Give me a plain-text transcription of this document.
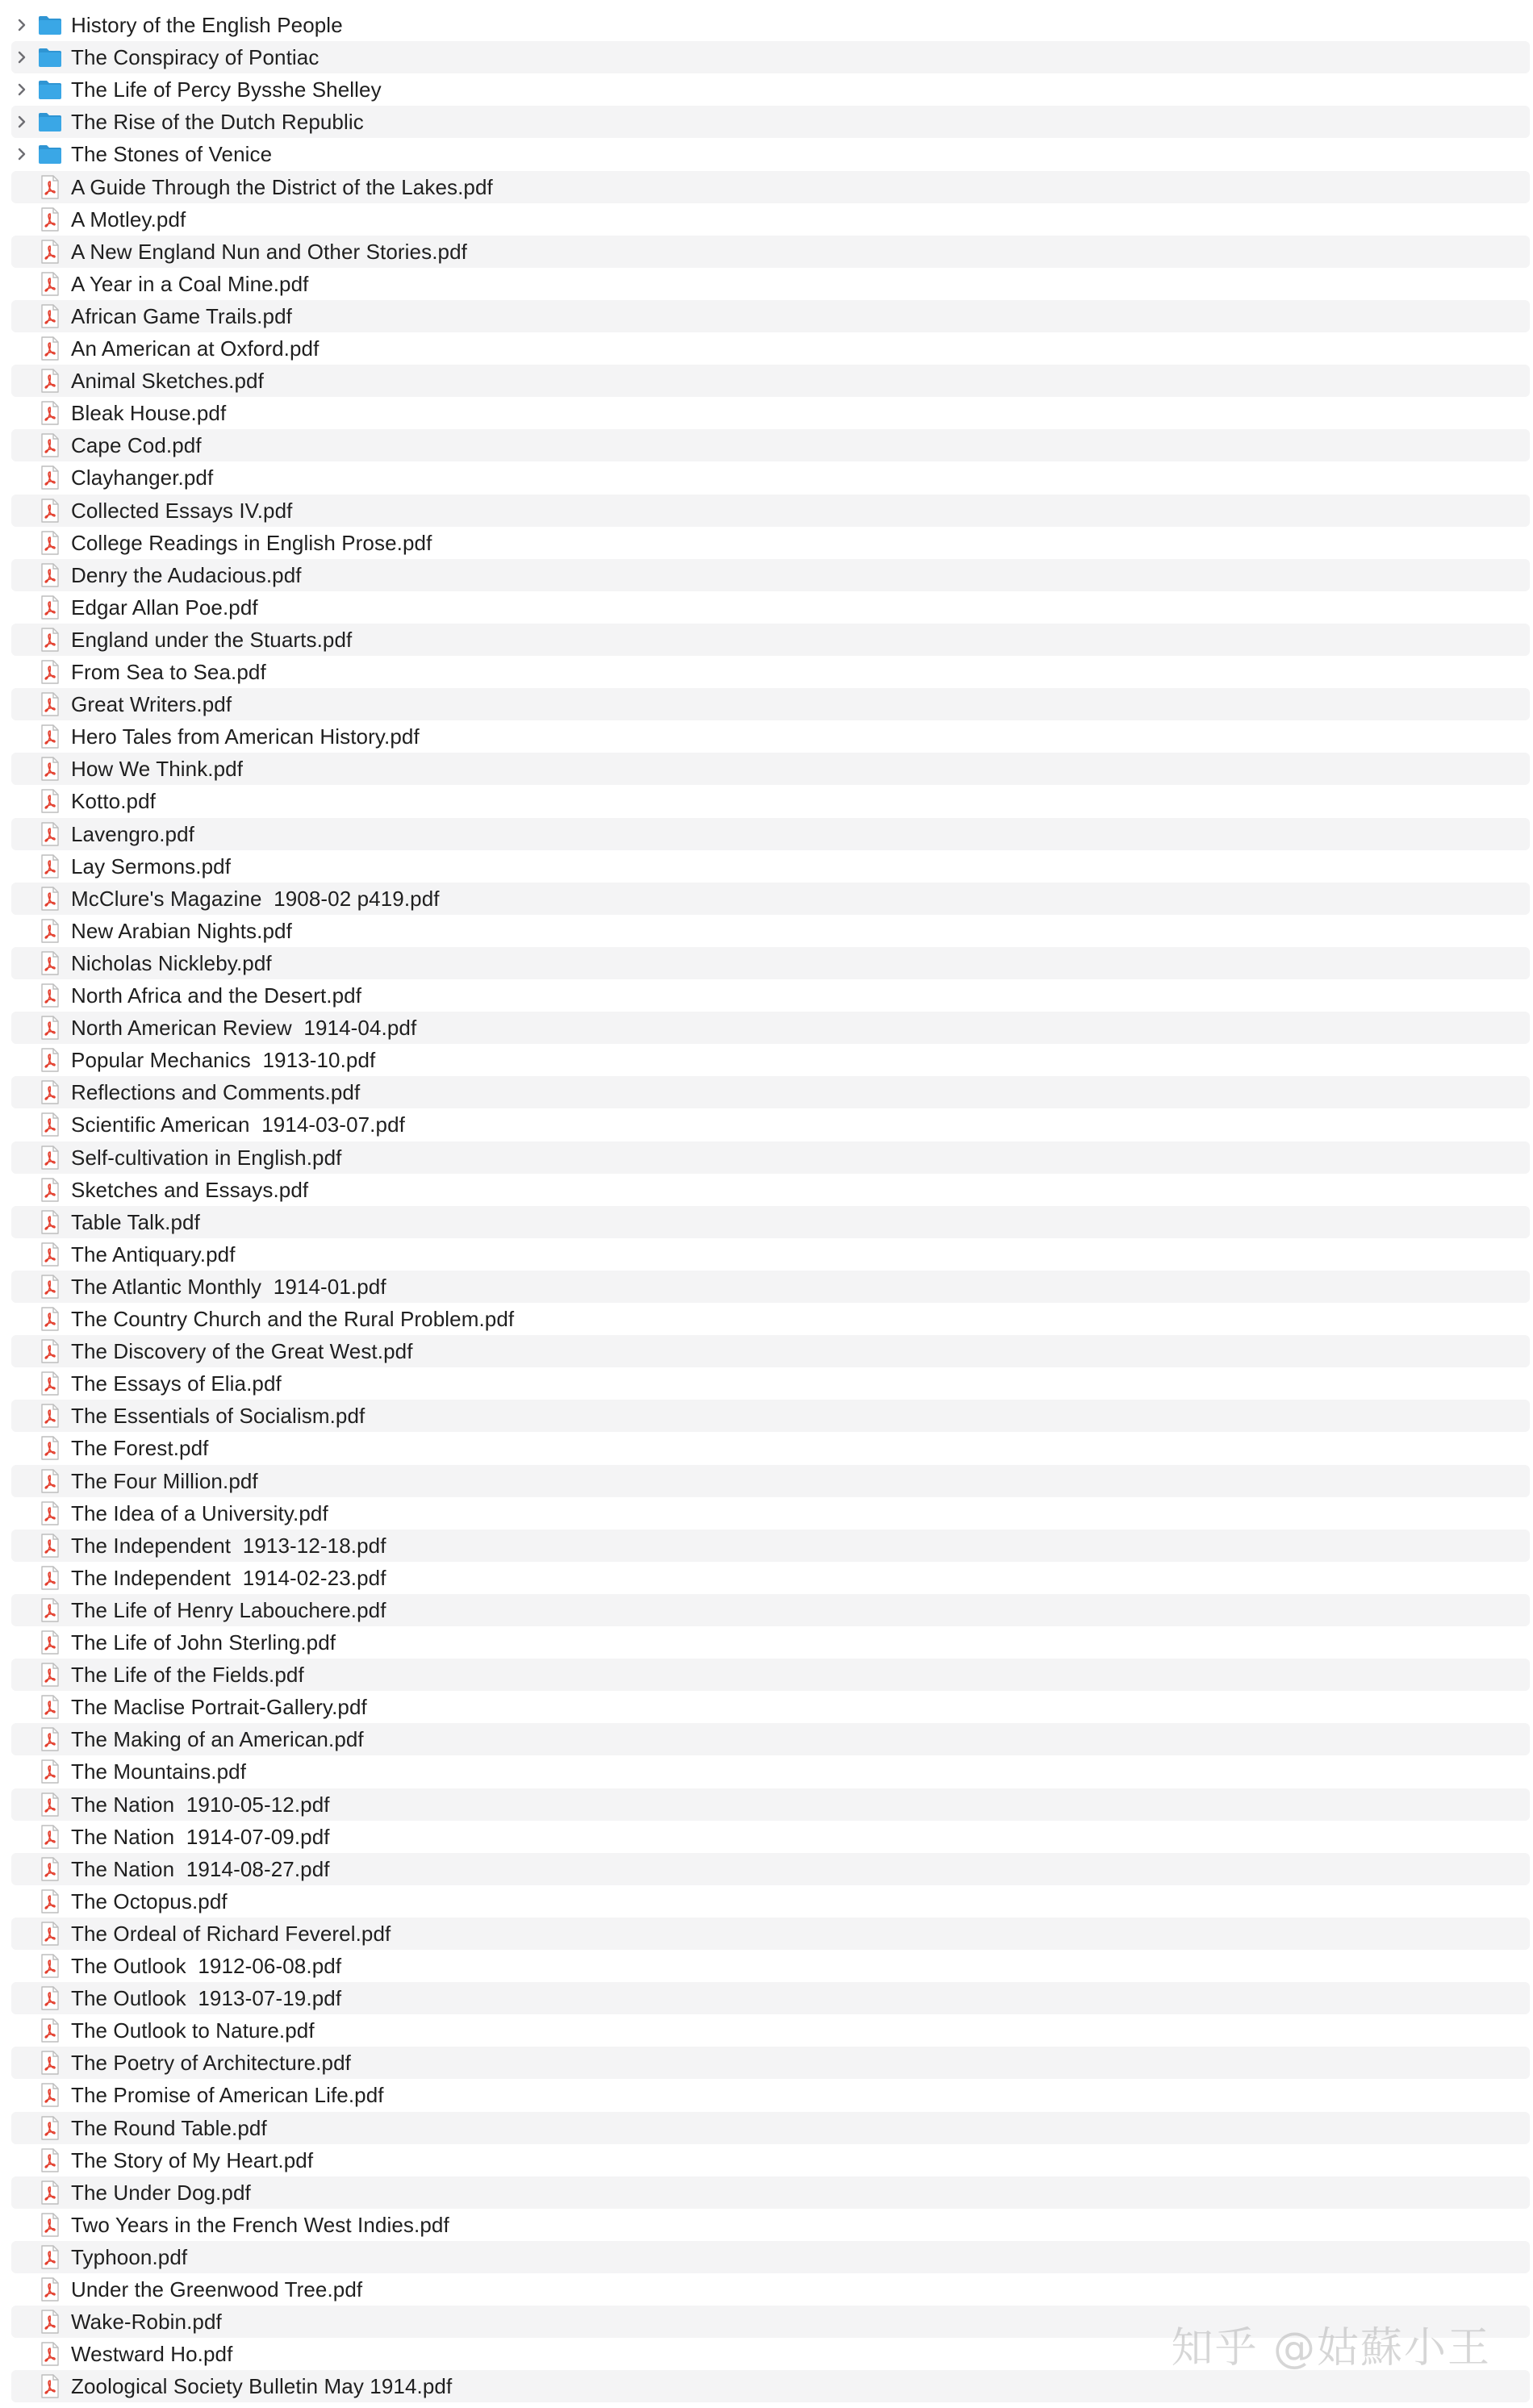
History of the English People
The Conspiracy of Pontiac
The Life of Percy Bysshe Shelley
The Rise of the Dutch Republic
The Stones of Venice
A Guide Through the District of the Lakes.pdf
A Motley.pdf
A New England Nun and Other Stories.pdf
A Year in a Coal Mine.pdf
African Game Trails.pdf
An American at Oxford.pdf
Animal Sketches.pdf
Bleak House.pdf
Cape Cod.pdf
Clayhanger.pdf
Collected Essays IV.pdf
College Readings in English Prose.pdf
Denry the Audacious.pdf
Edgar Allan Poe.pdf
England under the Stuarts.pdf
From Sea to Sea.pdf
Great Writers.pdf
Hero Tales from American History.pdf
How We Think.pdf
Kotto.pdf
Lavengro.pdf
Lay Sermons.pdf
McClure's Magazine  1908-02 p419.pdf
New Arabian Nights.pdf
Nicholas Nickleby.pdf
North Africa and the Desert.pdf
North American Review  1914-04.pdf
Popular Mechanics  1913-10.pdf
Reflections and Comments.pdf
Scientific American  1914-03-07.pdf
Self-cultivation in English.pdf
Sketches and Essays.pdf
Table Talk.pdf
The Antiquary.pdf
The Atlantic Monthly  1914-01.pdf
The Country Church and the Rural Problem.pdf
The Discovery of the Great West.pdf
The Essays of Elia.pdf
The Essentials of Socialism.pdf
The Forest.pdf
The Four Million.pdf
The Idea of a University.pdf
The Independent  1913-12-18.pdf
The Independent  1914-02-23.pdf
The Life of Henry Labouchere.pdf
The Life of John Sterling.pdf
The Life of the Fields.pdf
The Maclise Portrait-Gallery.pdf
The Making of an American.pdf
The Mountains.pdf
The Nation  1910-05-12.pdf
The Nation  1914-07-09.pdf
The Nation  1914-08-27.pdf
The Octopus.pdf
The Ordeal of Richard Feverel.pdf
The Outlook  1912-06-08.pdf
The Outlook  1913-07-19.pdf
The Outlook to Nature.pdf
The Poetry of Architecture.pdf
The Promise of American Life.pdf
The Round Table.pdf
The Story of My Heart.pdf
The Under Dog.pdf
Two Years in the French West Indies.pdf
Typhoon.pdf
Under the Greenwood Tree.pdf
Wake-Robin.pdf
Westward Ho.pdf
Zoological Society Bulletin May 1914.pdf
知乎 @姑蘇小王
